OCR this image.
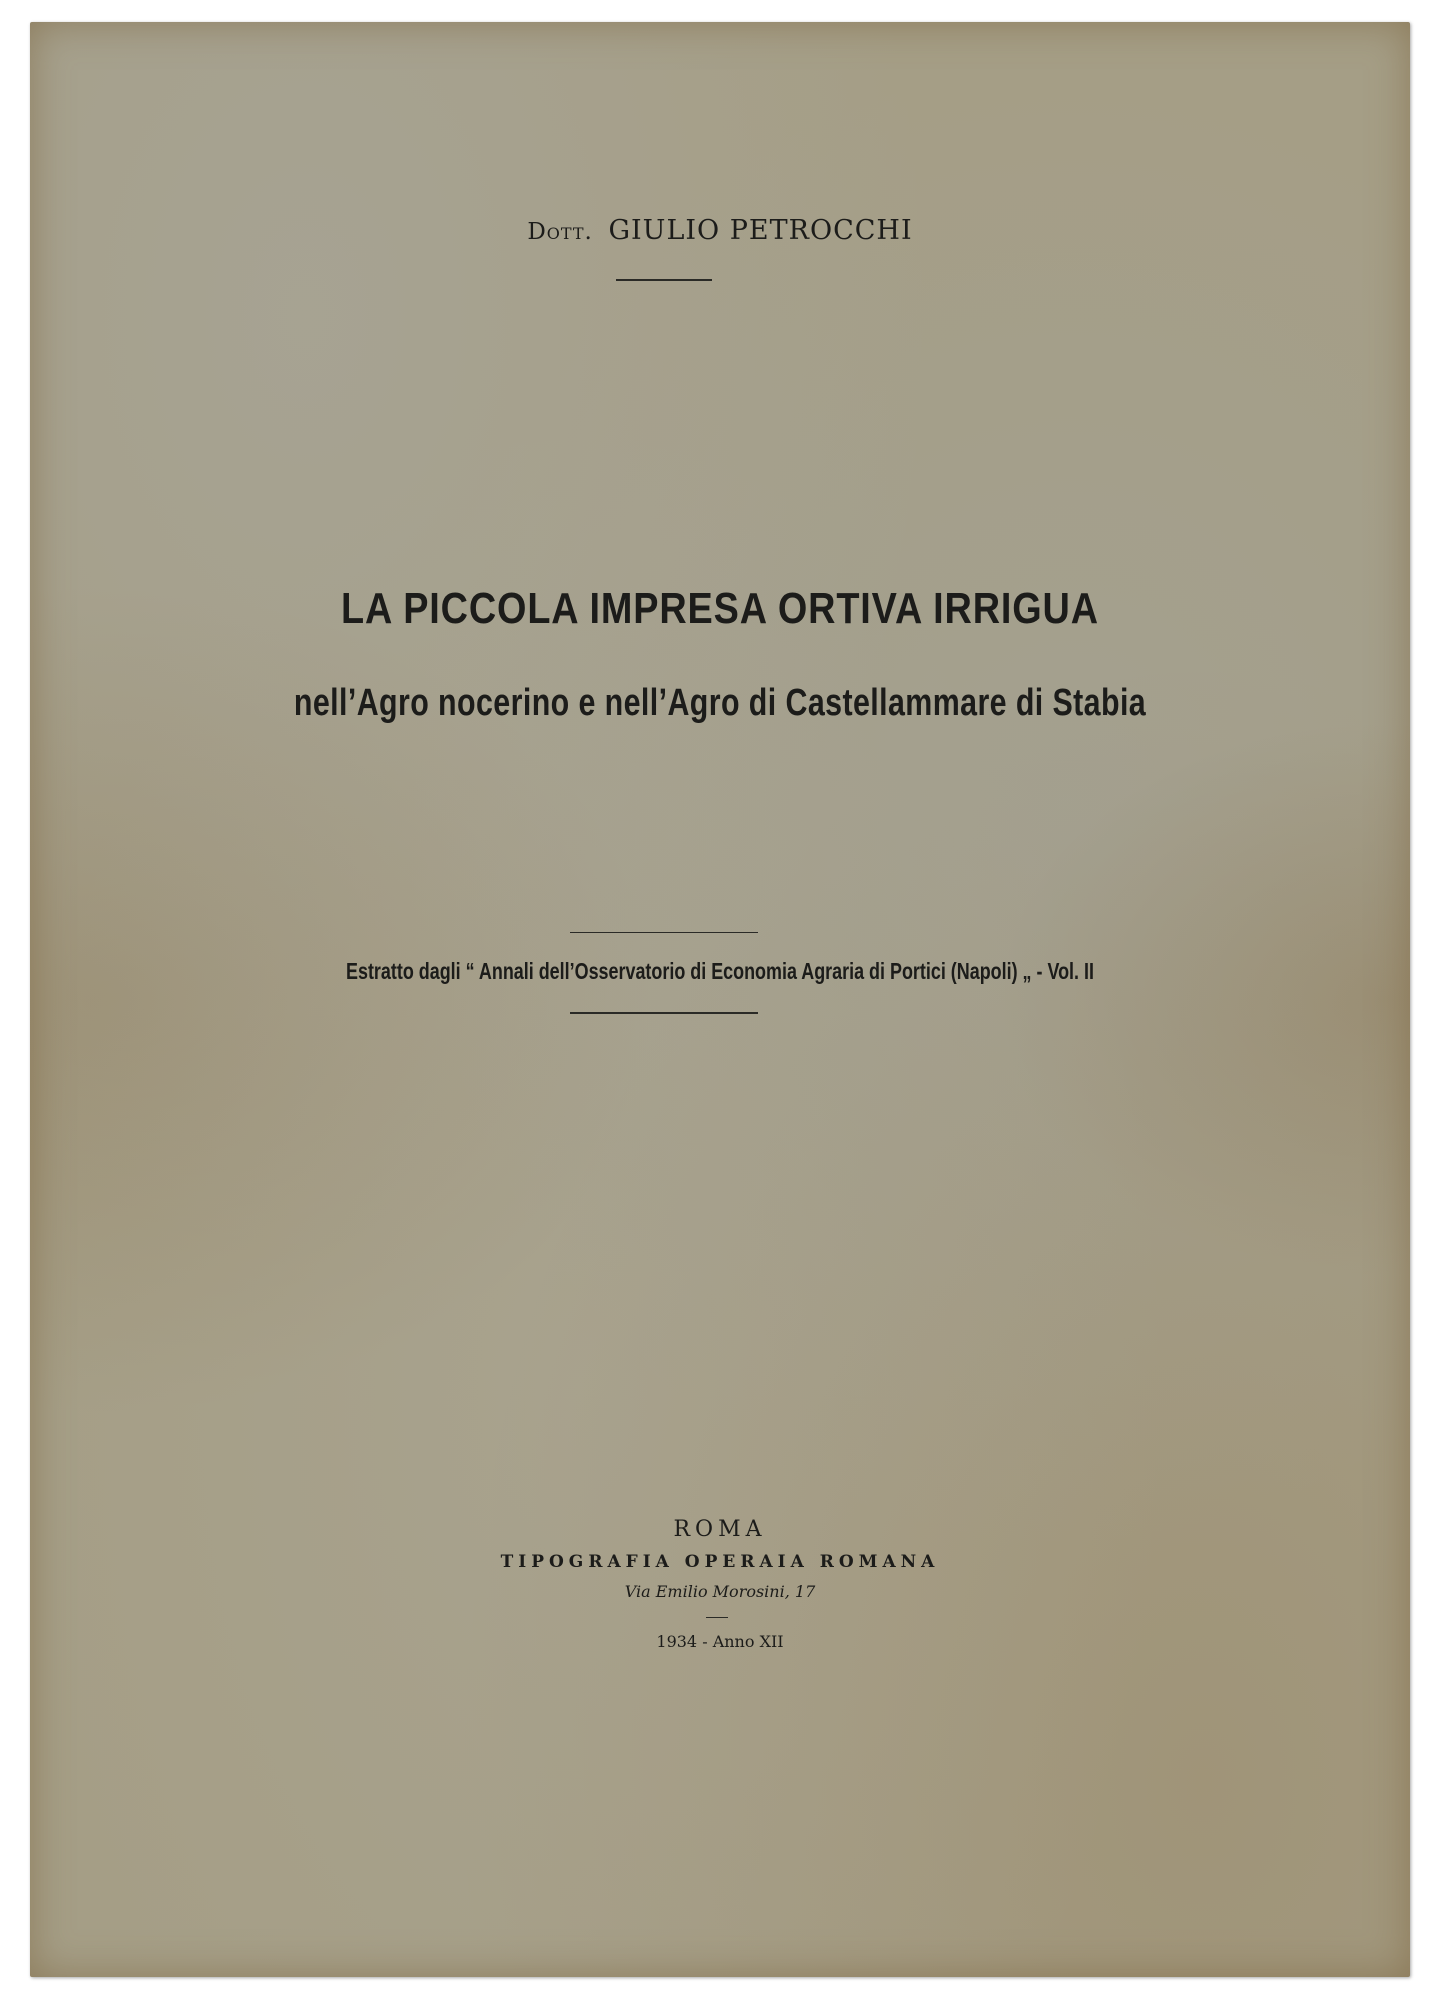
Dott. GIULIO PETROCCHI
LA PICCOLA IMPRESA ORTIVA IRRIGUA
nell’Agro nocerino e nell’Agro di Castellammare di Stabia
Estratto dagli “ Annali dell’Osservatorio di Economia Agraria di Portici (Napoli) „ - Vol. II
ROMA
TIPOGRAFIA OPERAIA ROMANA
Via Emilio Morosini, 17
1934 - Anno XII
